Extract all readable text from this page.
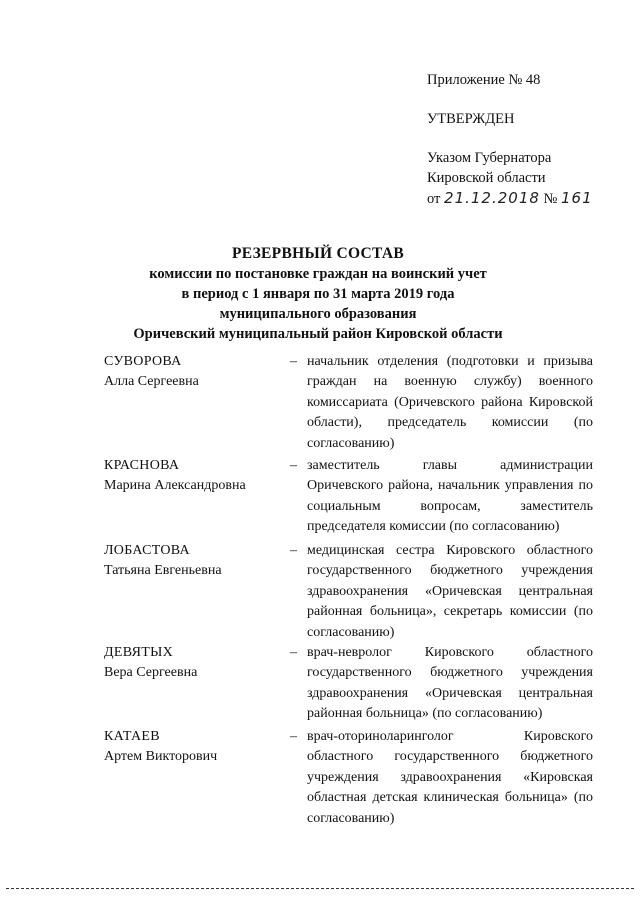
Приложение № 48
УТВЕРЖДЕН
Указом Губернатора
Кировской области
от 21.12.2018 № 161
РЕЗЕРВНЫЙ СОСТАВ
комиссии по постановке граждан на воинский учет
в период с 1 января по 31 марта 2019 года
муниципального образования
Оричевский муниципальный район Кировской области
СУВОРОВА
Алла Сергеевна
– начальник отделения (подготовки и призыва граждан на военную службу) военного комиссариата (Оричевского района Кировской области), председатель комиссии (по согласованию)
КРАСНОВА
Марина Александровна
– заместитель главы администрации Оричевского района, начальник управления по социальным вопросам, заместитель председателя комиссии (по согласованию)
ЛОБАСТОВА
Татьяна Евгеньевна
– медицинская сестра Кировского областного государственного бюджетного учреждения здравоохранения «Оричевская центральная районная больница», секретарь комиссии (по согласованию)
ДЕВЯТЫХ
Вера Сергеевна
– врач-невролог Кировского областного государственного бюджетного учреждения здравоохранения «Оричевская центральная районная больница» (по согласованию)
КАТАЕВ
Артем Викторович
– врач-оториноларинголог Кировского областного государственного бюджетного учреждения здравоохранения «Кировская областная детская клиническая больница» (по согласованию)
